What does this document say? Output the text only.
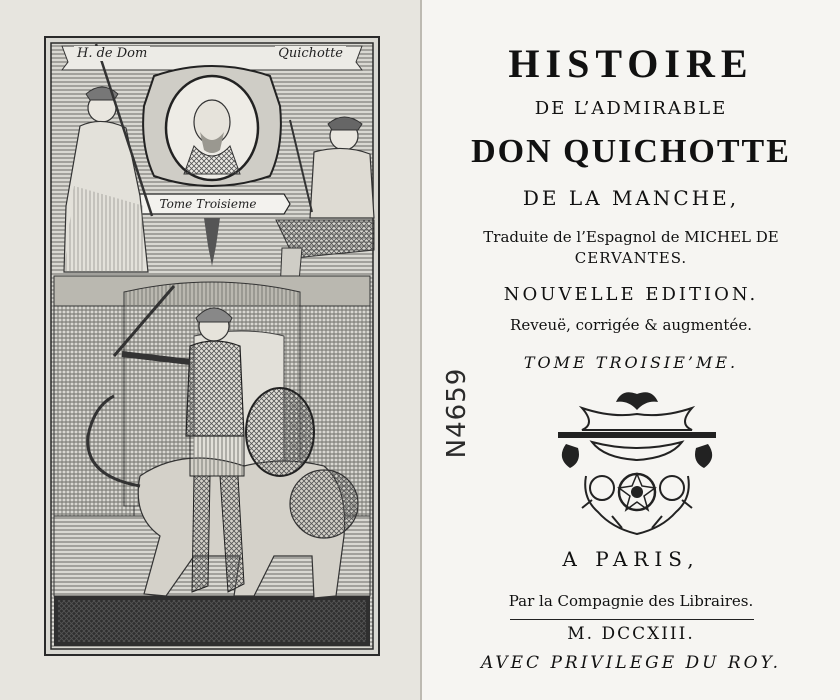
H. de Dom	Quichotte
Tome Troisieme
HISTOIRE
DE L’ADMIRABLE
DON QUICHOTTE
DE LA MANCHE,
Traduite de l’Espagnol de MICHEL DE
CERVANTES.
NOUVELLE EDITION.
Reveuë, corrigée & augmentée.
TOME TROISIE’ME.
A PARIS,
Par la Compagnie des Libraires.
M. DCCXIII.
AVEC PRIVILEGE DU ROY.
N4659
